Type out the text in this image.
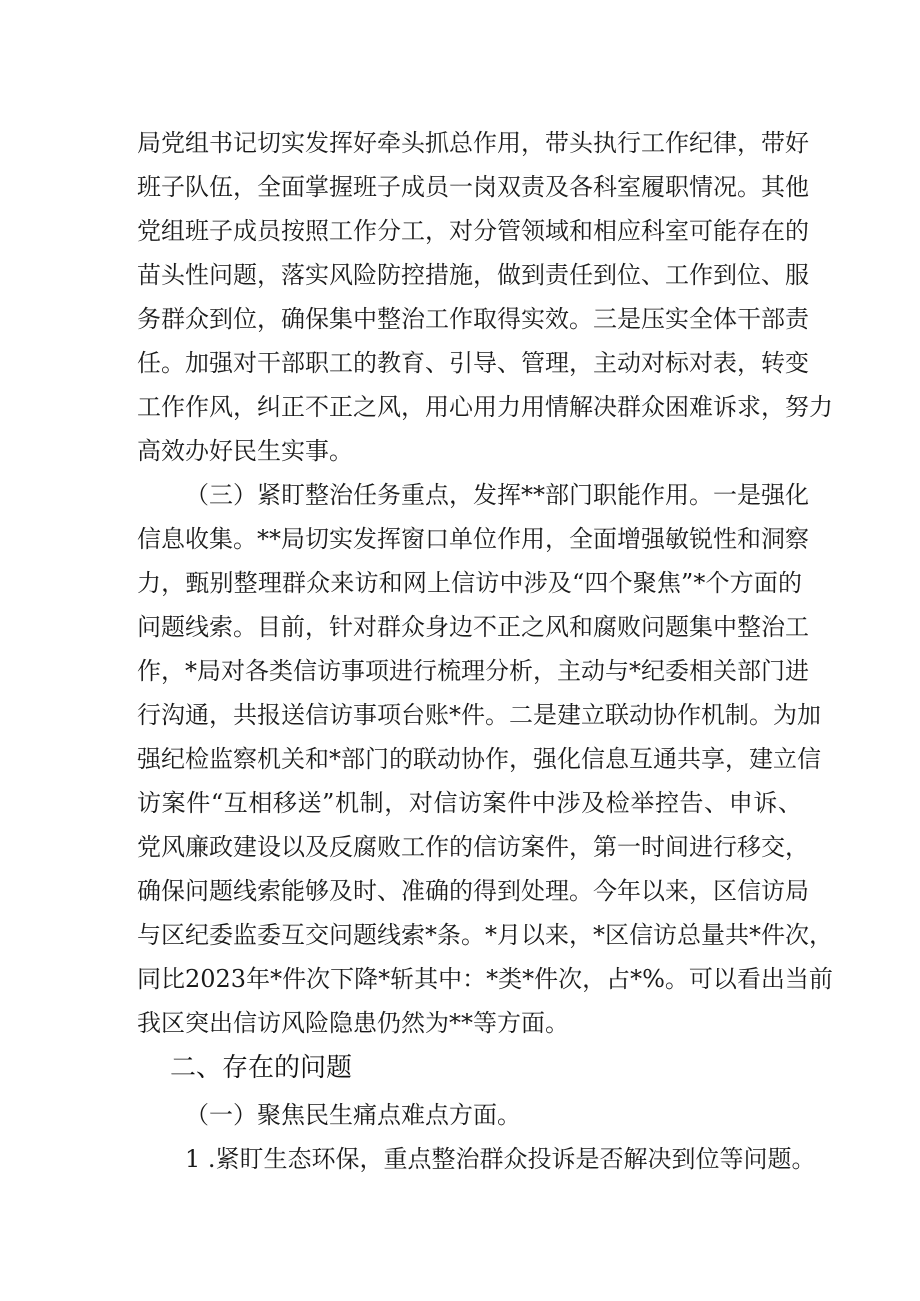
局党组书记切实发挥好牵头抓总作用，带头执行工作纪律，带好
班子队伍，全面掌握班子成员一岗双责及各科室履职情况。其他
党组班子成员按照工作分工，对分管领域和相应科室可能存在的
苗头性问题，落实风险防控措施，做到责任到位、工作到位、服
务群众到位，确保集中整治工作取得实效。三是压实全体干部责
任。加强对干部职工的教育、引导、管理，主动对标对表，转变
工作作风，纠正不正之风，用心用力用情解决群众困难诉求，努力
高效办好民生实事。
（三）紧盯整治任务重点，发挥**部门职能作用。一是强化
信息收集。**局切实发挥窗口单位作用，全面增强敏锐性和洞察
力，甄别整理群众来访和网上信访中涉及“四个聚焦”*个方面的
问题线索。目前，针对群众身边不正之风和腐败问题集中整治工
作，*局对各类信访事项进行梳理分析，主动与*纪委相关部门进
行沟通，共报送信访事项台账*件。二是建立联动协作机制。为加
强纪检监察机关和*部门的联动协作，强化信息互通共享，建立信
访案件“互相移送”机制，对信访案件中涉及检举控告、申诉、
党风廉政建设以及反腐败工作的信访案件，第一时间进行移交，
确保问题线索能够及时、准确的得到处理。今年以来，区信访局
与区纪委监委互交问题线索*条。*月以来，*区信访总量共*件次，
同比2023年*件次下降*斩其中：*类*件次，占*%。可以看出当前
我区突出信访风险隐患仍然为**等方面。
二、存在的问题
（一）聚焦民生痛点难点方面。
1 .紧盯生态环保，重点整治群众投诉是否解决到位等问题。
